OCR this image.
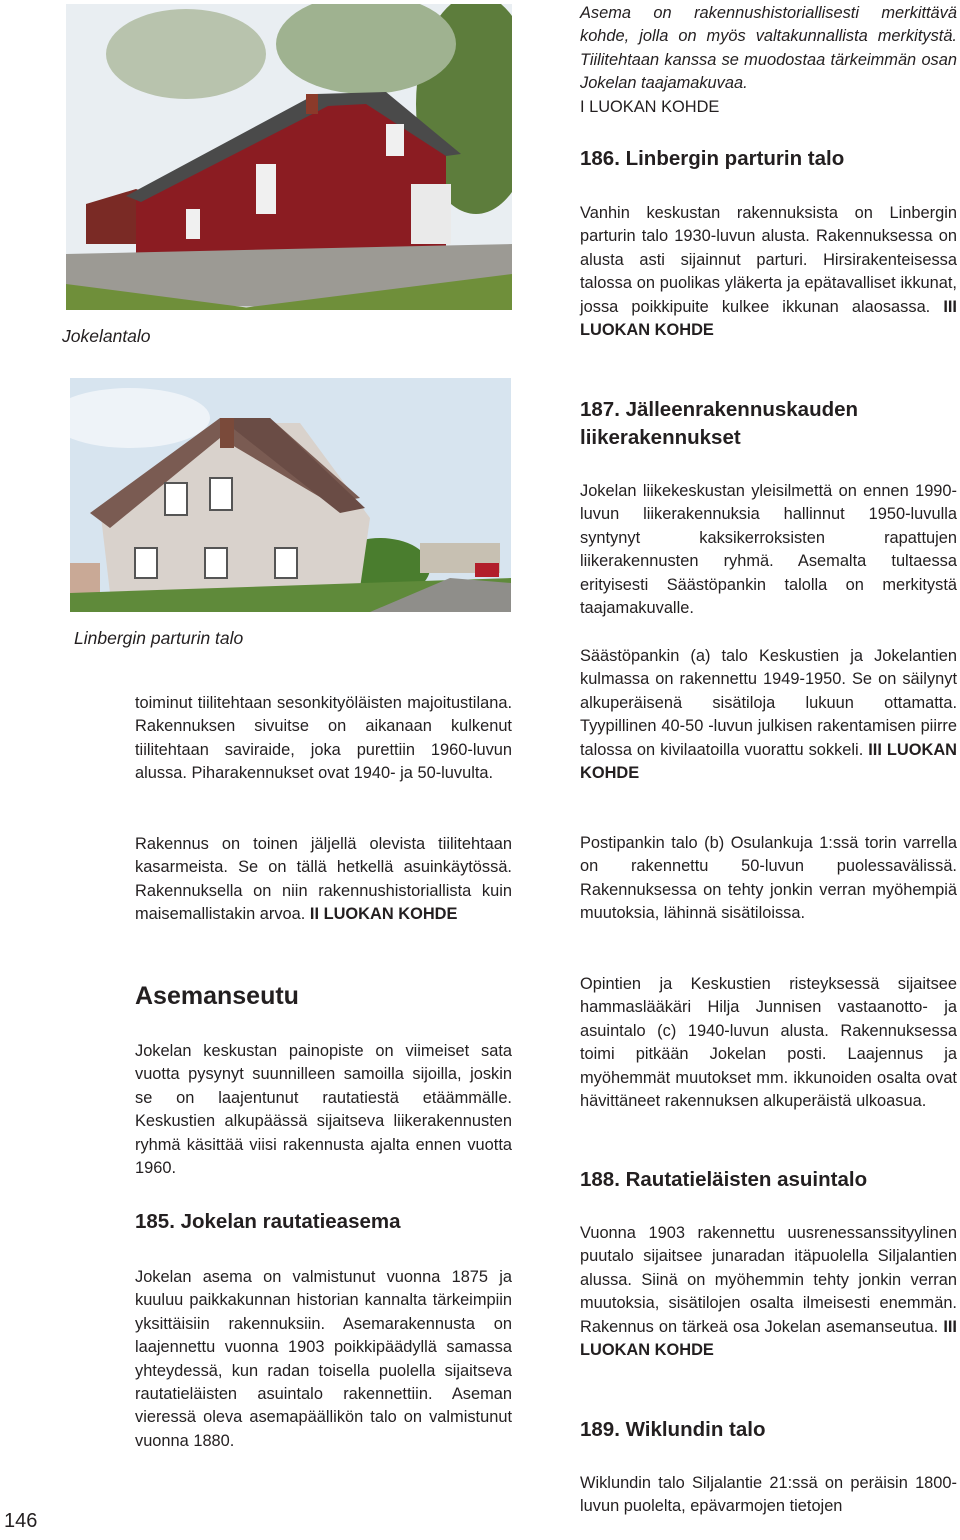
Jokelantalo

Linbergin parturin talo

Asema on rakennushistoriallisesti merkittävä kohde, jolla on myös valtakunnallista merkitystä. Tiilitehtaan kanssa se muodostaa tärkeimmän osan Jokelan taajamakuvaa.
I LUOKAN KOHDE

186. Linbergin parturin talo

Vanhin keskustan rakennuksista on Linbergin parturin talo 1930-luvun alusta. Rakennuksessa on alusta asti sijainnut parturi. Hirsirakenteisessa talossa on puolikas yläkerta ja epätavalliset ikkunat, jossa poikkipuite kulkee ikkunan alaosassa. III LUOKAN KOHDE

187. Jälleenrakennuskauden liikerakennukset

Jokelan liikekeskustan yleisilmettä on ennen 1990-luvun liikerakennuksia hallinnut 1950-luvulla syntynyt kaksikerroksisten rapattujen liikerakennusten ryhmä. Asemalta tultaessa erityisesti Säästöpankin talolla on merkitystä taajamakuvalle.

Säästöpankin (a) talo Keskustien ja Jokelantien kulmassa on rakennettu 1949-1950. Se on säilynyt alkuperäisenä sisätiloja lukuun ottamatta. Tyypillinen 40-50 -luvun julkisen rakentamisen piirre talossa on kivilaatoilla vuorattu sokkeli. III LUOKAN KOHDE

Postipankin talo (b) Osulankuja 1:ssä torin varrella on rakennettu 50-luvun puolessavälissä. Rakennuksessa on tehty jonkin verran myöhempiä muutoksia, lähinnä sisätiloissa.

Opintien ja Keskustien risteyksessä sijaitsee hammaslääkäri Hilja Junnisen vastaanotto- ja asuintalo (c) 1940-luvun alusta. Rakennuksessa toimi pitkään Jokelan posti. Laajennus ja myöhemmät muutokset mm. ikkunoiden osalta ovat hävittäneet rakennuksen alkuperäistä ulkoasua.

188. Rautatieläisten asuintalo

Vuonna 1903 rakennettu uusrenessanssityylinen puutalo sijaitsee junaradan itäpuolella Siljalantien alussa. Siinä on myöhemmin tehty jonkin verran muutoksia, sisätilojen osalta ilmeisesti enemmän. Rakennus on tärkeä osa Jokelan asemanseutua. III LUOKAN KOHDE

189. Wiklundin talo

Wiklundin talo Siljalantie 21:ssä on peräisin 1800-luvun puolelta, epävarmojen tietojen

toiminut tiilitehtaan sesonkityöläisten majoitustilana. Rakennuksen sivuitse on aikanaan kulkenut tiilitehtaan saviraide, joka purettiin 1960-luvun alussa. Piharakennukset ovat 1940- ja 50-luvulta.

Rakennus on toinen jäljellä olevista tiilitehtaan kasarmeista. Se on tällä hetkellä asuinkäytössä. Rakennuksella on niin rakennushistoriallista kuin maisemallistakin arvoa. II LUOKAN KOHDE

Asemanseutu

Jokelan keskustan painopiste on viimeiset sata vuotta pysynyt suunnilleen samoilla sijoilla, joskin se on laajentunut rautatiestä etäämmälle. Keskustien alkupäässä sijaitseva liikerakennusten ryhmä käsittää viisi rakennusta ajalta ennen vuotta 1960.

185. Jokelan rautatieasema

Jokelan asema on valmistunut vuonna 1875 ja kuuluu paikkakunnan historian kannalta tärkeimpiin yksittäisiin rakennuksiin. Asemarakennusta on laajennettu vuonna 1903 poikkipäädyllä samassa yhteydessä, kun radan toisella puolella sijaitseva rautatieläisten asuintalo rakennettiin. Aseman vieressä oleva asemapäällikön talo on valmistunut vuonna 1880.

146
